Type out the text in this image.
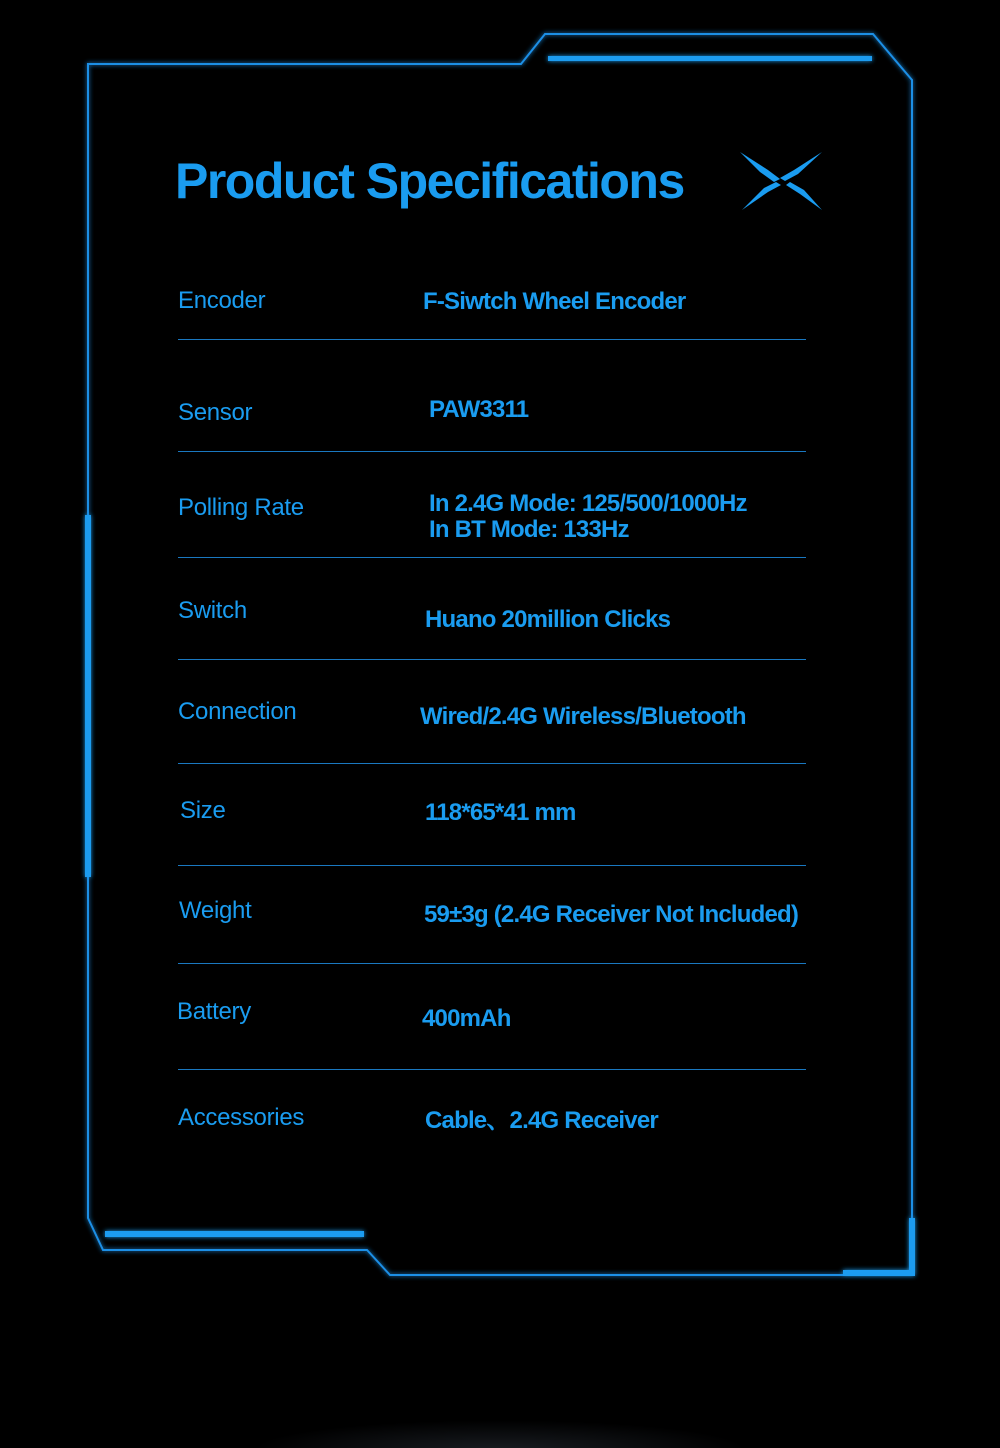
Product Specifications
Encoder	F-Siwtch Wheel Encoder
Sensor	PAW3311
Polling Rate	In 2.4G Mode: 125/500/1000Hz
In BT Mode: 133Hz
Switch	Huano 20million Clicks
Connection	Wired/2.4G Wireless/Bluetooth
Size	118*65*41 mm
Weight	59±3g (2.4G Receiver Not Included)
Battery	400mAh
Accessories	Cable、2.4G Receiver
